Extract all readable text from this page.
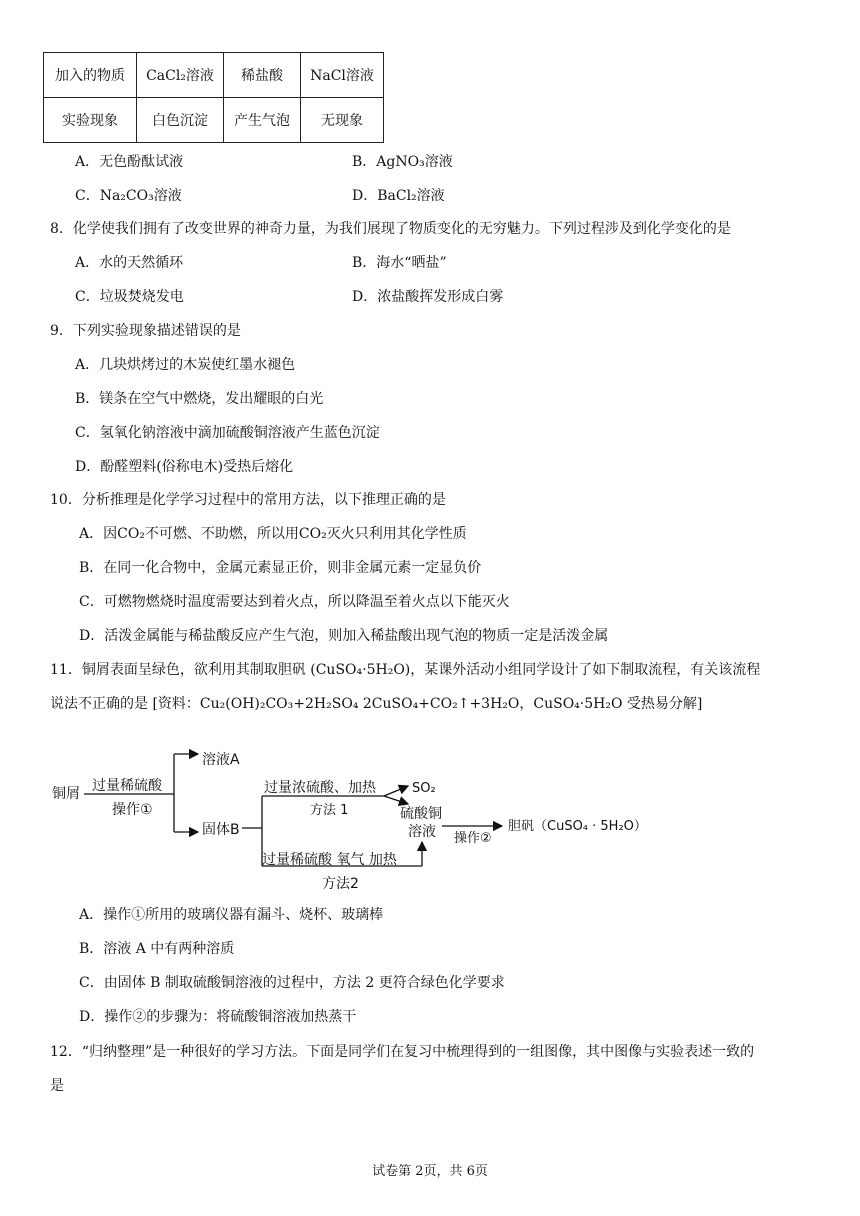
加入的物质	CaCl₂溶液	稀盐酸	NaCl溶液
实验现象	白色沉淀	产生气泡	无现象
A．无色酚酞试液	B．AgNO₃溶液
C．Na₂CO₃溶液	D．BaCl₂溶液
8．化学使我们拥有了改变世界的神奇力量，为我们展现了物质变化的无穷魅力。下列过程涉及到化学变化的是
A．水的天然循环	B．海水“晒盐”
C．垃圾焚烧发电	D．浓盐酸挥发形成白雾
9．下列实验现象描述错误的是
A．几块烘烤过的木炭使红墨水褪色
B．镁条在空气中燃烧，发出耀眼的白光
C．氢氧化钠溶液中滴加硫酸铜溶液产生蓝色沉淀
D．酚醛塑料(俗称电木)受热后熔化
10．分析推理是化学学习过程中的常用方法，以下推理正确的是
A．因CO₂不可燃、不助燃，所以用CO₂灭火只利用其化学性质
B．在同一化合物中，金属元素显正价，则非金属元素一定显负价
C．可燃物燃烧时温度需要达到着火点，所以降温至着火点以下能灭火
D．活泼金属能与稀盐酸反应产生气泡，则加入稀盐酸出现气泡的物质一定是活泼金属
11．铜屑表面呈绿色，欲利用其制取胆矾 (CuSO₄·5H₂O)，某课外活动小组同学设计了如下制取流程，有关该流程
说法不正确的是 [资料：Cu₂(OH)₂CO₃+2H₂SO₄ 2CuSO₄+CO₂↑+3H₂O，CuSO₄·5H₂O 受热易分解]
铜屑 过量稀硫酸
操作①
溶液A
固体B
过量浓硫酸、加热
方法 1
SO₂
硫酸铜
溶液 操作②
胆矾（CuSO₄ · 5H₂O）
过量稀硫酸 氧气 加热
方法2
A．操作①所用的玻璃仪器有漏斗、烧杯、玻璃棒
B．溶液 A 中有两种溶质
C．由固体 B 制取硫酸铜溶液的过程中，方法 2 更符合绿色化学要求
D．操作②的步骤为：将硫酸铜溶液加热蒸干
12．“归纳整理”是一种很好的学习方法。下面是同学们在复习中梳理得到的一组图像，其中图像与实验表述一致的
是
试卷第 2页，共 6页
